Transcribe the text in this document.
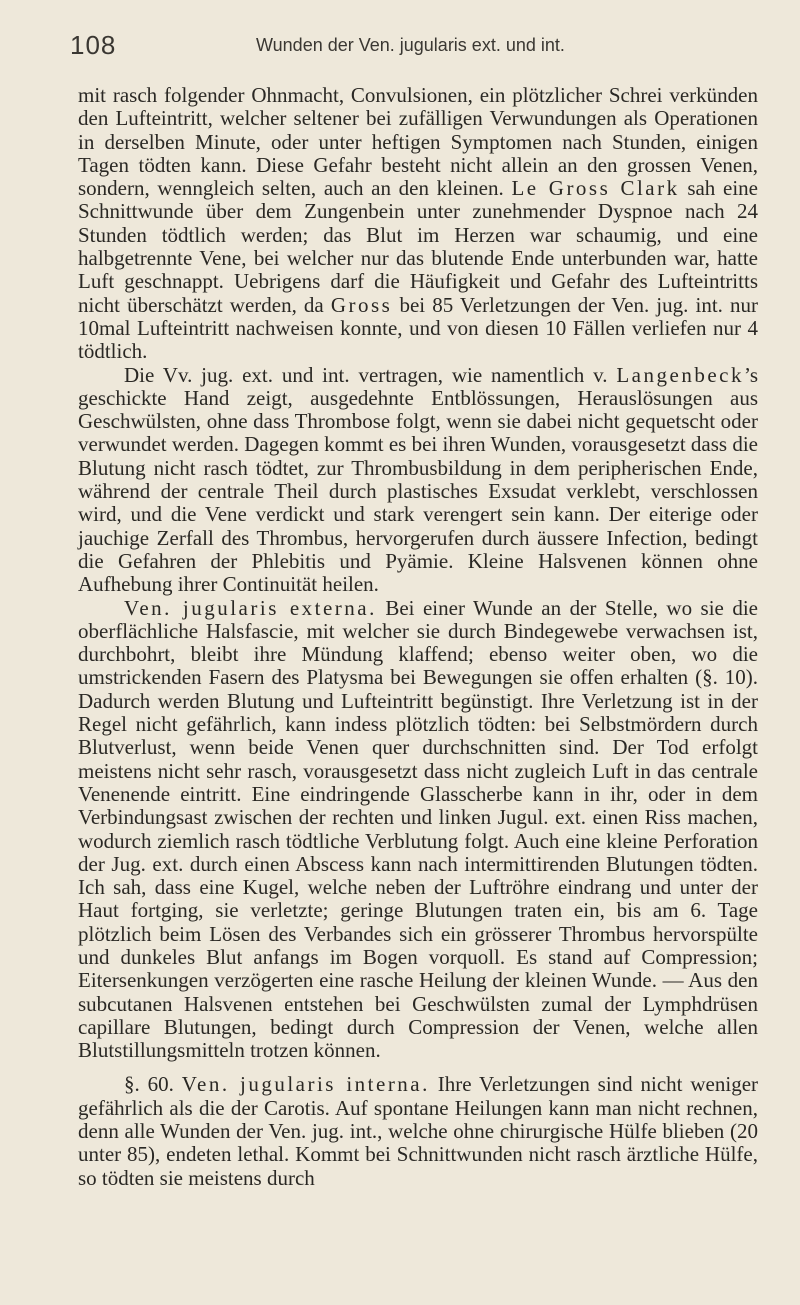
108	Wunden der Ven. jugularis ext. und int.

mit rasch folgender Ohnmacht, Convulsionen, ein plötzlicher Schrei verkünden den Lufteintritt, welcher seltener bei zufälligen Verwundungen als Operationen in derselben Minute, oder unter heftigen Symptomen nach Stunden, einigen Tagen tödten kann. Diese Gefahr besteht nicht allein an den grossen Venen, sondern, wenngleich selten, auch an den kleinen. Le Gross Clark sah eine Schnittwunde über dem Zungenbein unter zunehmender Dyspnoe nach 24 Stunden tödtlich werden; das Blut im Herzen war schaumig, und eine halbgetrennte Vene, bei welcher nur das blutende Ende unterbunden war, hatte Luft geschnappt. Uebrigens darf die Häufigkeit und Gefahr des Lufteintritts nicht überschätzt werden, da Gross bei 85 Verletzungen der Ven. jug. int. nur 10mal Lufteintritt nachweisen konnte, und von diesen 10 Fällen verliefen nur 4 tödtlich.

Die Vv. jug. ext. und int. vertragen, wie namentlich v. Langenbeck’s geschickte Hand zeigt, ausgedehnte Entblössungen, Herauslösungen aus Geschwülsten, ohne dass Thrombose folgt, wenn sie dabei nicht gequetscht oder verwundet werden. Dagegen kommt es bei ihren Wunden, vorausgesetzt dass die Blutung nicht rasch tödtet, zur Thrombusbildung in dem peripherischen Ende, während der centrale Theil durch plastisches Exsudat verklebt, verschlossen wird, und die Vene verdickt und stark verengert sein kann. Der eiterige oder jauchige Zerfall des Thrombus, hervorgerufen durch äussere Infection, bedingt die Gefahren der Phlebitis und Pyämie. Kleine Halsvenen können ohne Aufhebung ihrer Continuität heilen.

Ven. jugularis externa. Bei einer Wunde an der Stelle, wo sie die oberflächliche Halsfascie, mit welcher sie durch Bindegewebe verwachsen ist, durchbohrt, bleibt ihre Mündung klaffend; ebenso weiter oben, wo die umstrickenden Fasern des Platysma bei Bewegungen sie offen erhalten (§. 10). Dadurch werden Blutung und Lufteintritt begünstigt. Ihre Verletzung ist in der Regel nicht gefährlich, kann indess plötzlich tödten: bei Selbstmördern durch Blutverlust, wenn beide Venen quer durchschnitten sind. Der Tod erfolgt meistens nicht sehr rasch, vorausgesetzt dass nicht zugleich Luft in das centrale Venenende eintritt. Eine eindringende Glasscherbe kann in ihr, oder in dem Verbindungsast zwischen der rechten und linken Jugul. ext. einen Riss machen, wodurch ziemlich rasch tödtliche Verblutung folgt. Auch eine kleine Perforation der Jug. ext. durch einen Abscess kann nach intermittirenden Blutungen tödten. Ich sah, dass eine Kugel, welche neben der Luftröhre eindrang und unter der Haut fortging, sie verletzte; geringe Blutungen traten ein, bis am 6. Tage plötzlich beim Lösen des Verbandes sich ein grösserer Thrombus hervorspülte und dunkeles Blut anfangs im Bogen vorquoll. Es stand auf Compression; Eitersenkungen verzögerten eine rasche Heilung der kleinen Wunde. — Aus den subcutanen Halsvenen entstehen bei Geschwülsten zumal der Lymphdrüsen capillare Blutungen, bedingt durch Compression der Venen, welche allen Blutstillungsmitteln trotzen können.

§. 60. Ven. jugularis interna. Ihre Verletzungen sind nicht weniger gefährlich als die der Carotis. Auf spontane Heilungen kann man nicht rechnen, denn alle Wunden der Ven. jug. int., welche ohne chirurgische Hülfe blieben (20 unter 85), endeten lethal. Kommt bei Schnittwunden nicht rasch ärztliche Hülfe, so tödten sie meistens durch
